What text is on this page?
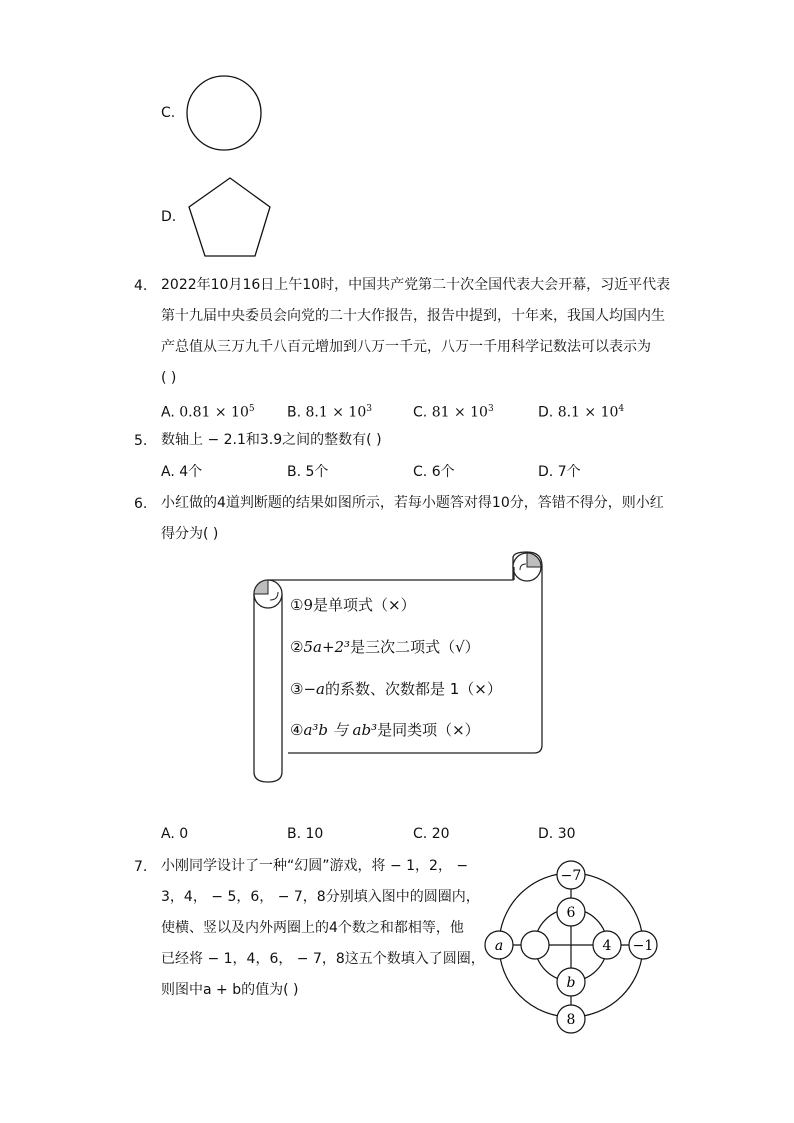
C.
D.
4. 2022年10月16日上午10时，中国共产党第二十次全国代表大会开幕，习近平代表
第十九届中央委员会向党的二十大作报告，报告中提到，十年来，我国人均国内生
产总值从三万九千八百元增加到八万一千元，八万一千用科学记数法可以表示为
( )
A. $0.81 \times 10^5$ B. $8.1 \times 10^3$	C. $81 \times 10^3$	D. $8.1 \times 10^4$
5. 数轴上 − 2.1和3.9之间的整数有( )
A. 4个	B. 5个	C. 6个	D. 7个
6. 小红做的4道判断题的结果如图所示，若每小题答对得10分，答错不得分，则小红
得分为( )
①9是单项式（×）
②5a+2³是三次二项式（√）
③−a的系数、次数都是 1（×）
④a³b 与 ab³是同类项（×）
A. 0	B. 10	C. 20	D. 30
7. 小刚同学设计了一种“幻圆”游戏，将 − 1，2， −
3，4， − 5，6， − 7，8分别填入图中的圆圈内，
使横、竖以及内外两圈上的4个数之和都相等，他
已经将 − 1，4，6， − 7，8这五个数填入了圆圈，
则图中a + b的值为( )
−7
6
4 −1
a
b
8
